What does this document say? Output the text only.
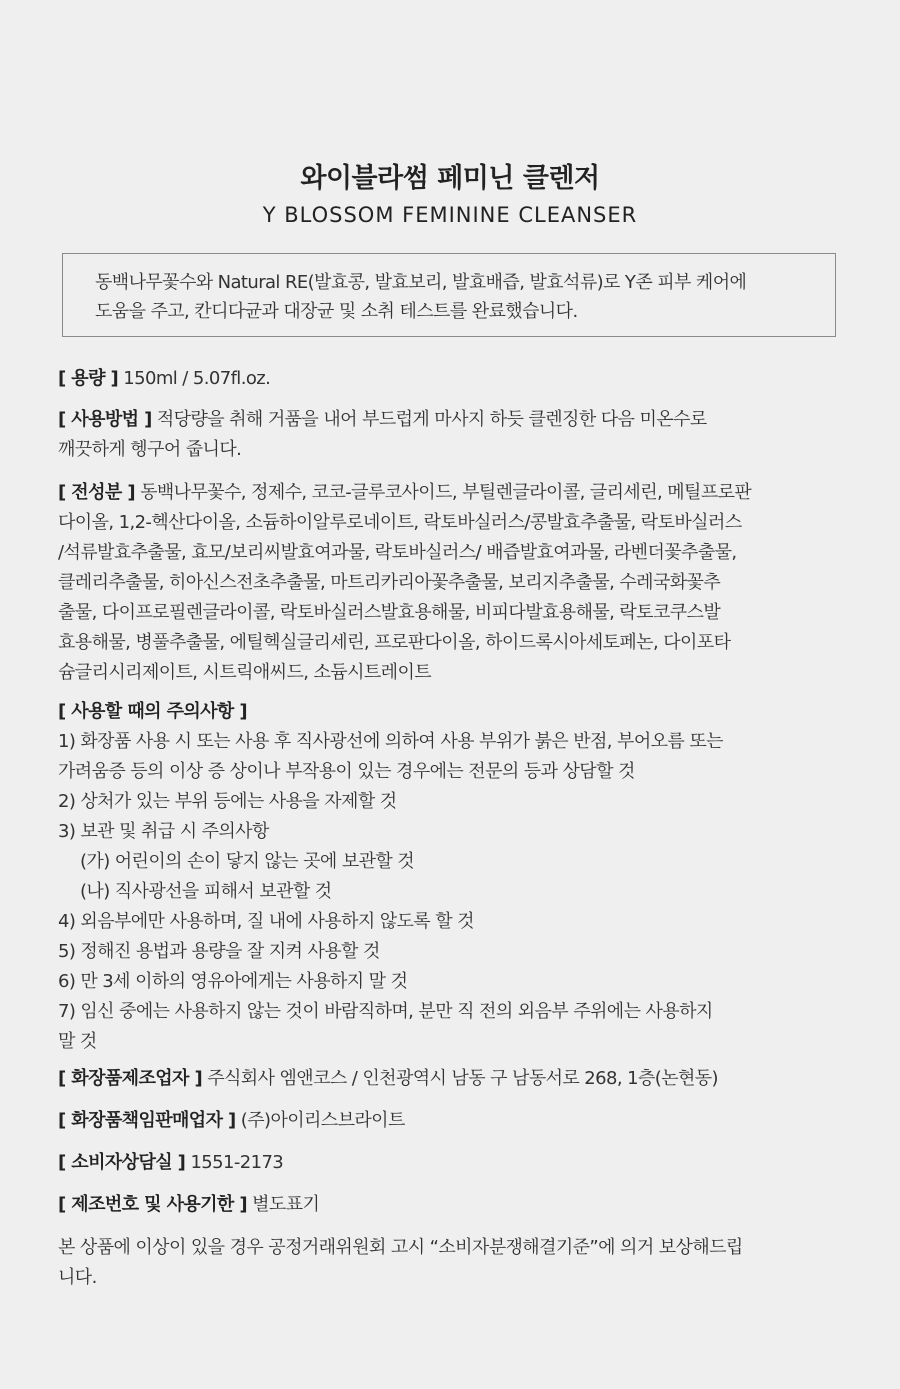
와이블라썸 페미닌 클렌저
Y BLOSSOM FEMININE CLEANSER
동백나무꽃수와 Natural RE(발효콩, 발효보리, 발효배즙, 발효석류)로 Y존 피부 케어에
도움을 주고, 칸디다균과 대장균 및 소취 테스트를 완료했습니다.
[ 용량 ] 150ml / 5.07fl.oz.
[ 사용방법 ] 적당량을 취해 거품을 내어 부드럽게 마사지 하듯 클렌징한 다음 미온수로
깨끗하게 헹구어 줍니다.
[ 전성분 ] 동백나무꽃수, 정제수, 코코-글루코사이드, 부틸렌글라이콜, 글리세린, 메틸프로판
다이올, 1,2-헥산다이올, 소듐하이알루로네이트, 락토바실러스/콩발효추출물, 락토바실러스
/석류발효추출물, 효모/보리씨발효여과물, 락토바실러스/ 배즙발효여과물, 라벤더꽃추출물,
클레리추출물, 히아신스전초추출물, 마트리카리아꽃추출물, 보리지추출물, 수레국화꽃추
출물, 다이프로필렌글라이콜, 락토바실러스발효용해물, 비피다발효용해물, 락토코쿠스발
효용해물, 병풀추출물, 에틸헥실글리세린, 프로판다이올, 하이드록시아세토페논, 다이포타
슘글리시리제이트, 시트릭애씨드, 소듐시트레이트
[ 사용할 때의 주의사항 ]
1) 화장품 사용 시 또는 사용 후 직사광선에 의하여 사용 부위가 붉은 반점, 부어오름 또는
가려움증 등의 이상 증 상이나 부작용이 있는 경우에는 전문의 등과 상담할 것
2) 상처가 있는 부위 등에는 사용을 자제할 것
3) 보관 및 취급 시 주의사항
(가) 어린이의 손이 닿지 않는 곳에 보관할 것
(나) 직사광선을 피해서 보관할 것
4) 외음부에만 사용하며, 질 내에 사용하지 않도록 할 것
5) 정해진 용법과 용량을 잘 지켜 사용할 것
6) 만 3세 이하의 영유아에게는 사용하지 말 것
7) 임신 중에는 사용하지 않는 것이 바람직하며, 분만 직 전의 외음부 주위에는 사용하지
말 것
[ 화장품제조업자 ] 주식회사 엠앤코스 / 인천광역시 남동 구 남동서로 268, 1층(논현동)
[ 화장품책임판매업자 ] (주)아이리스브라이트
[ 소비자상담실 ] 1551-2173
[ 제조번호 및 사용기한 ] 별도표기
본 상품에 이상이 있을 경우 공정거래위원회 고시 “소비자분쟁해결기준”에 의거 보상해드립
니다.
